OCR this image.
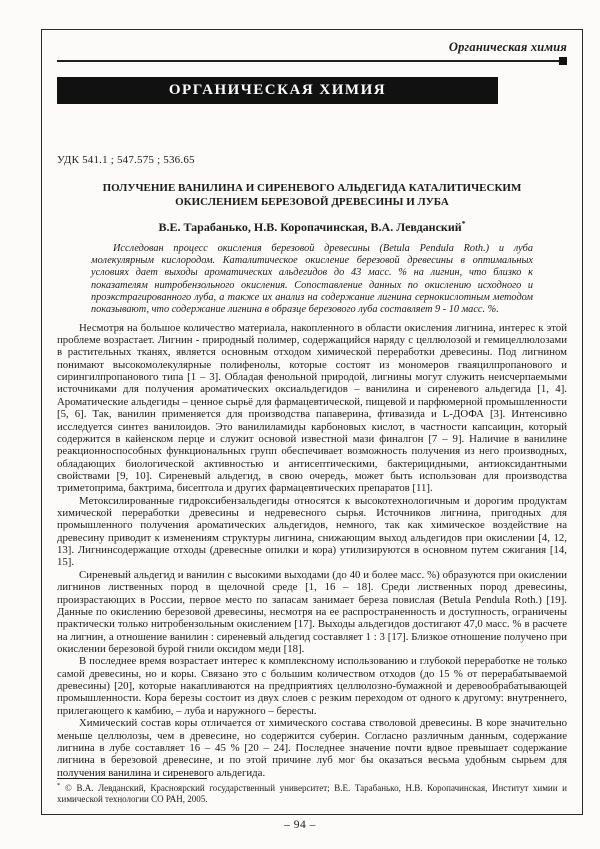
Органическая химия
ОРГАНИЧЕСКАЯ ХИМИЯ
УДК 541.1 ; 547.575 ; 536.65
ПОЛУЧЕНИЕ ВАНИЛИНА И СИРЕНЕВОГО АЛЬДЕГИДА КАТАЛИТИЧЕСКИМ ОКИСЛЕНИЕМ БЕРЕЗОВОЙ ДРЕВЕСИНЫ И ЛУБА
В.Е. Тарабанько, Н.В. Коропачинская, В.А. Левданский*
Исследован процесс окисления березовой древесины (Betula Pendula Roth.) и луба молекулярным кислородом. Каталитическое окисление березовой древесины в оптимальных условиях дает выходы ароматических альдегидов до 43 масс. % на лигнин, что близко к показателям нитробензольного окисления. Сопоставление данных по окислению исходного и проэкстрагированного луба, а также их анализ на содержание лигнина сернокислотным методом показывают, что содержание лигнина в образце березового луба составляет 9 - 10 масс. %.

Несмотря на большое количество материала, накопленного в области окисления лигнина, интерес к этой проблеме возрастает. Лигнин - природный полимер, содержащийся наряду с целлюлозой и гемицеллюлозами в растительных тканях, является основным отходом химической переработки древесины. Под лигнином понимают высокомолекулярные полифенолы, которые состоят из мономеров гваяцилпропанового и сирингилпропанового типа [1 – 3]. Обладая фенольной природой, лигнины могут служить неисчерпаемыми источниками для получения ароматических оксиальдегидов – ванилина и сиреневого альдегида [1, 4]. Ароматические альдегиды – ценное сырьё для фармацевтической, пищевой и парфюмерной промышленности [5, 6]. Так, ванилин применяется для производства папаверина, фтивазида и L-ДОФА [3]. Интенсивно исследуется синтез ванилоидов. Это ванилиламиды карбоновых кислот, в частности капсаицин, который содержится в кайенском перце и служит основой известной мази финалгон [7 – 9]. Наличие в ванилине реакционноспособных функциональных групп обеспечивает возможность получения из него производных, обладающих биологической активностью и антисептическими, бактерицидными, антиоксидантными свойствами [9, 10]. Сиреневый альдегид, в свою очередь, может быть использован для производства триметоприма, бактрима, бисептола и других фармацевтических препаратов [11].

Метоксилированные гидроксибензальдегиды относятся к высокотехнологичным и дорогим продуктам химической переработки древесины и недревесного сырья. Источников лигнина, пригодных для промышленного получения ароматических альдегидов, немного, так как химическое воздействие на древесину приводит к изменениям структуры лигнина, снижающим выход альдегидов при окислении [4, 12, 13]. Лигнинсодержащие отходы (древесные опилки и кора) утилизируются в основном путем сжигания [14, 15].

Сиреневый альдегид и ванилин с высокими выходами (до 40 и более масс. %) образуются при окислении лигнинов лиственных пород в щелочной среде [1, 16 – 18]. Среди лиственных пород древесины, произрастающих в России, первое место по запасам занимает береза повислая (Betula Pendula Roth.) [19]. Данные по окислению березовой древесины, несмотря на ее распространенность и доступность, ограничены практически только нитробензольным окислением [17]. Выходы альдегидов достигают 47,0 масс. % в расчете на лигнин, а отношение ванилин : сиреневый альдегид составляет 1 : 3 [17]. Близкое отношение получено при окислении березовой бурой гнили оксидом меди [18].

В последнее время возрастает интерес к комплексному использованию и глубокой переработке не только самой древесины, но и коры. Связано это с большим количеством отходов (до 15 % от перерабатываемой древесины) [20], которые накапливаются на предприятиях целлюлозно-бумажной и деревообрабатывающей промышленности. Кора березы состоит из двух слоев с резким переходом от одного к другому: внутреннего, прилегающего к камбию, – луба и наружного – бересты.

Химический состав коры отличается от химического состава стволовой древесины. В коре значительно меньше целлюлозы, чем в древесине, но содержится суберин. Согласно различным данным, содержание лигнина в лубе составляет 16 – 45 % [20 – 24]. Последнее значение почти вдвое превышает содержание лигнина в березовой древесине, и по этой причине луб мог бы оказаться весьма удобным сырьем для получения ванилина и сиреневого альдегида.

* © В.А. Левданский, Красноярский государственный университет; В.Е. Тарабанько, Н.В. Коропачинская, Институт химии и химической технологии СО РАН, 2005.
– 94 –
